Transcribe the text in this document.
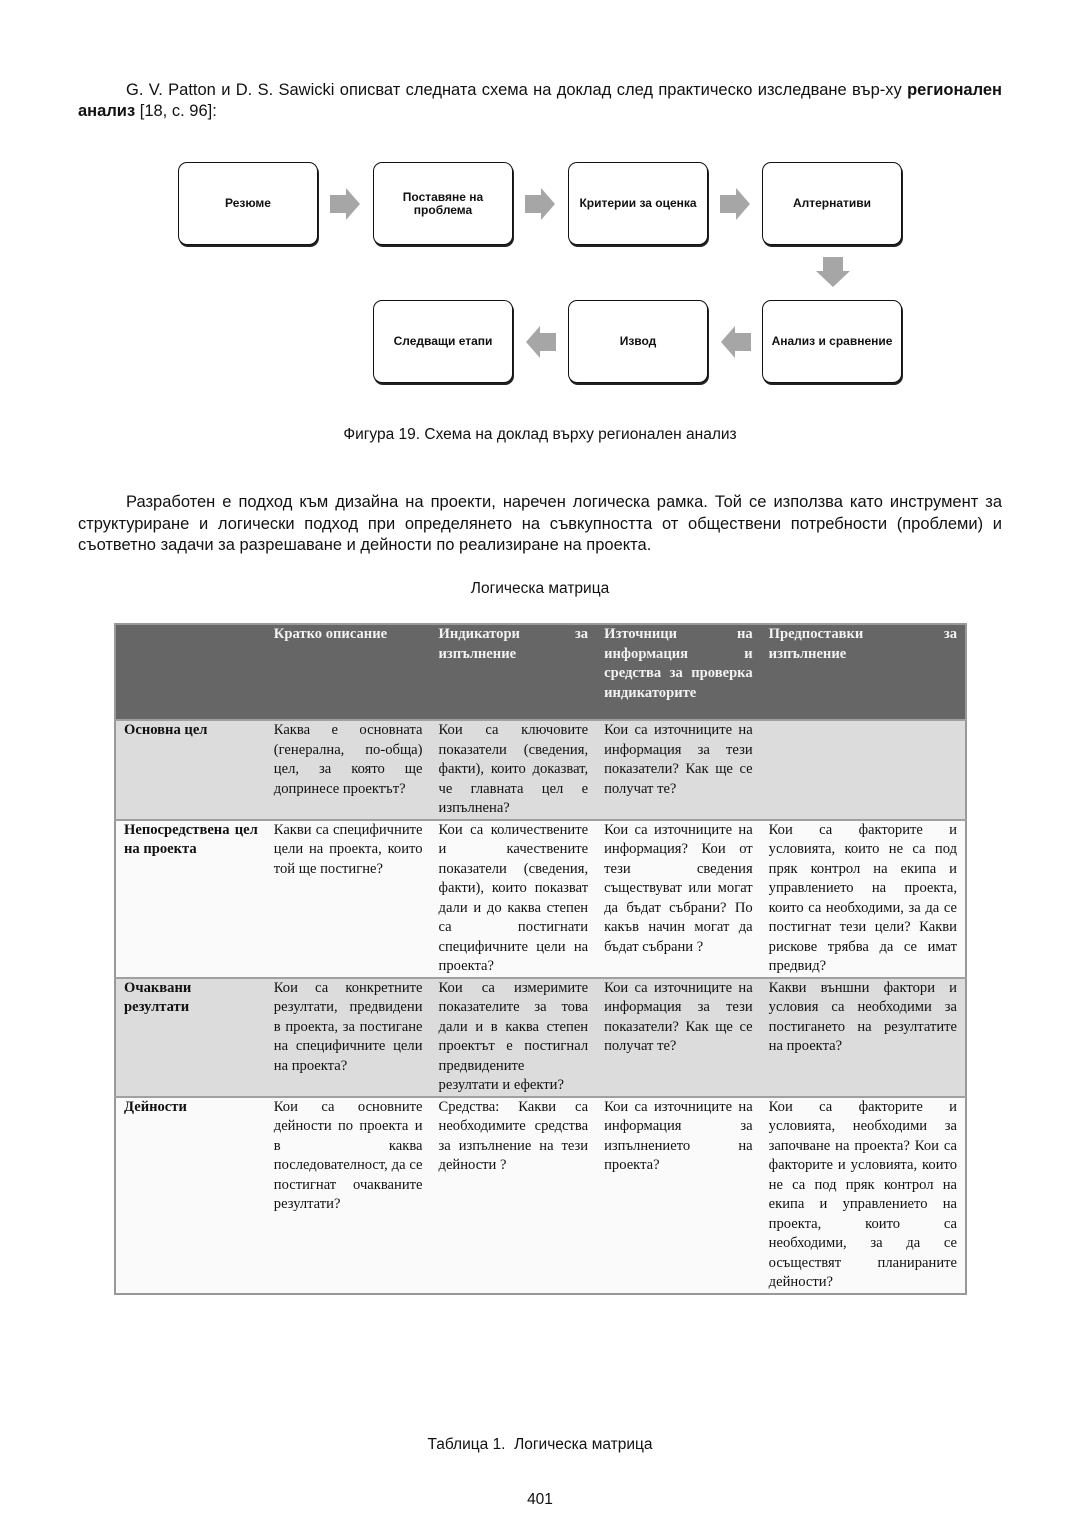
G. V. Patton и D. S. Sawicki описват следната схема на доклад след практическо изследване вър-ху регионален анализ [18, с. 96]:
Резюме	Поставяне на проблема	Критерии за оценка	Алтернативи
Анализ и сравнение
Извод
Следващи етапи
Фигура 19. Схема на доклад върху регионален анализ
Разработен е подход към дизайна на проекти, наречен логическа рамка. Той се използва като инструмент за структуриране и логически подход при определянето на съвкупността от обществени потребности (проблеми) и съответно задачи за разрешаване и дейности по реализиране на проекта.
Логическа матрица
	Кратко описание	Индикатори за изпълнение	Източници на информация и средства за проверка индикаторите	Предпоставки за изпълнение
Основна цел	Каква е основната (генерална, по-обща) цел, за която ще допринесе проектът?	Кои са ключовите показатели (сведения, факти), които доказват, че главната цел е изпълнена?	Кои са източниците на информация за тези показатели? Как ще се получат те?	
Непосредствена цел на проекта	Какви са специфичните цели на проекта, които той ще постигне?	Кои са количествените и качествените показатели (сведения, факти), които показват дали и до каква степен са постигнати специфичните цели на проекта?	Кои са източниците на информация? Кои от тези сведения съществуват или могат да бъдат събрани? По какъв начин могат да бъдат събрани ?	Кои са факторите и условията, които не са под пряк контрол на екипа и управлението на проекта, които са необходими, за да се постигнат тези цели? Какви рискове трябва да се имат предвид?
Очаквани резултати	Кои са конкретните резултати, предвидени в проекта, за постигане на специфичните цели на проекта?	Кои са измеримите показателите за това дали и в каква степен проектът е постигнал предвидените резултати и ефекти?	Кои са източниците на информация за тези показатели? Как ще се получат те?	Какви външни фактори и условия са необходими за постигането на резултатите на проекта?
Дейности	Кои са основните дейности по проекта и в каква последователност, да се постигнат очакваните резултати?	Средства: Какви са необходимите средства за изпълнение на тези дейности ?	Кои са източниците на информация за изпълнението на проекта?	Кои са факторите и условията, необходими за започване на проекта? Кои са факторите и условията, които не са под пряк контрол на екипа и управлението на проекта, които са необходими, за да се осъществят планираните дейности?
Таблица 1.  Логическа матрица
401
